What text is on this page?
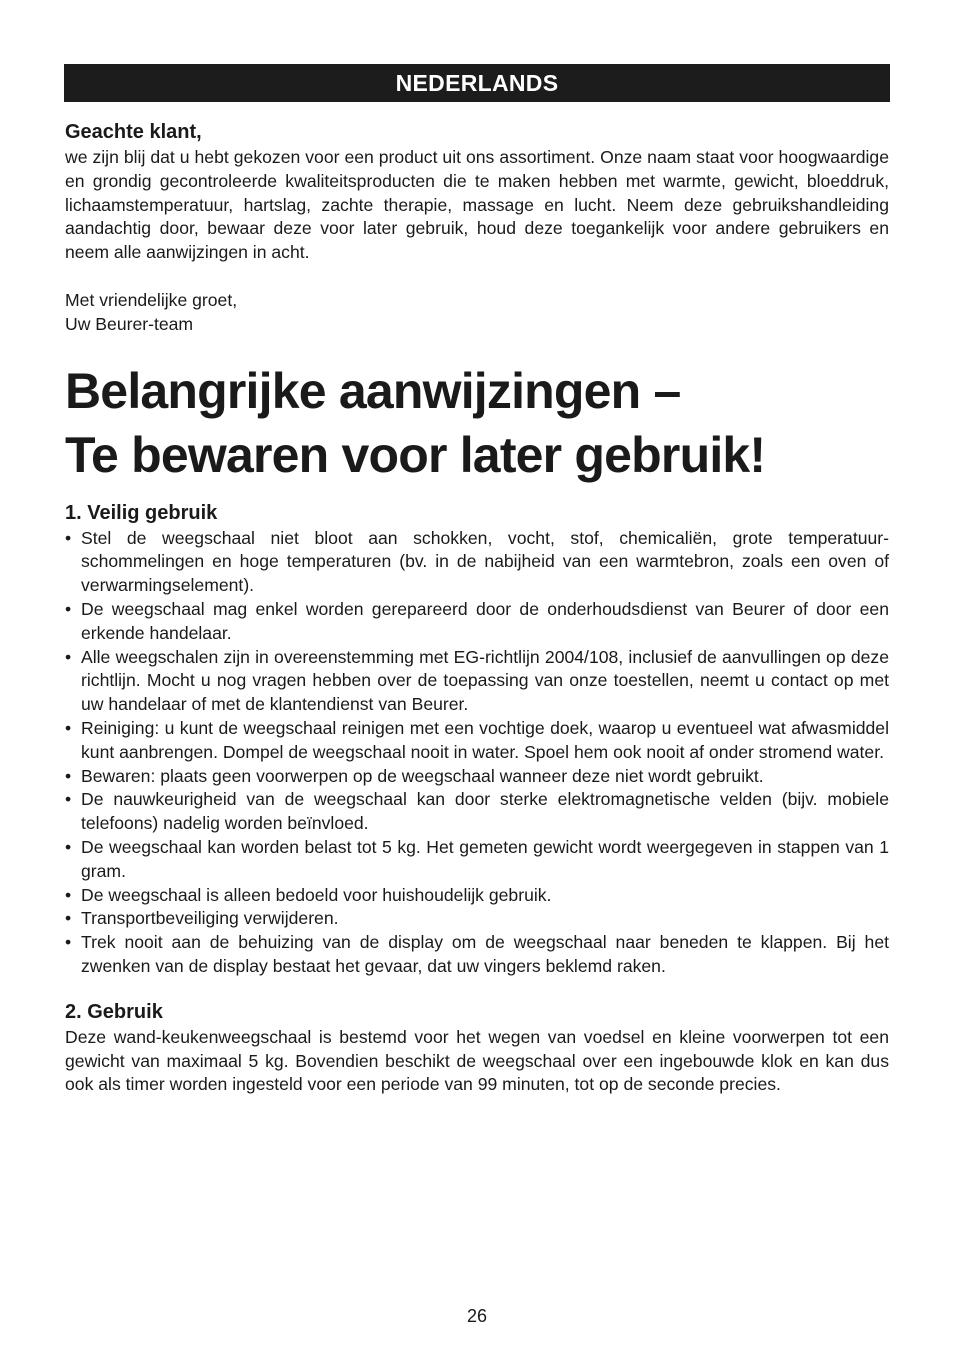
NEDERLANDS
Geachte klant,

we zijn blij dat u hebt gekozen voor een product uit ons assortiment. Onze naam staat voor hoogwaardige en grondig gecontroleerde kwaliteitsproducten die te maken hebben met warmte, gewicht, bloeddruk, lichaamstemperatuur, hartslag, zachte therapie, massage en lucht. Neem deze gebruikshandleiding aandachtig door, bewaar deze voor later gebruik, houd deze toegankelijk voor andere gebruikers en neem alle aanwijzingen in acht.

Met vriendelijke groet,

Uw Beurer-team

Belangrijke aanwijzingen –
Te bewaren voor later gebruik!
1. Veilig gebruik
• Stel de weegschaal niet bloot aan schokken, vocht, stof, chemicaliën, grote temperatuur-schommelingen en hoge temperaturen (bv. in de nabijheid van een warmtebron, zoals een oven of verwarmingselement).
• De weegschaal mag enkel worden gerepareerd door de onderhoudsdienst van Beurer of door een erkende handelaar.
• Alle weegschalen zijn in overeenstemming met EG-richtlijn 2004/108, inclusief de aanvullingen op deze richtlijn. Mocht u nog vragen hebben over de toepassing van onze toestellen, neemt u contact op met uw handelaar of met de klantendienst van Beurer.
• Reiniging: u kunt de weegschaal reinigen met een vochtige doek, waarop u eventueel wat afwasmiddel kunt aanbrengen. Dompel de weegschaal nooit in water. Spoel hem ook nooit af onder stromend water.
• Bewaren: plaats geen voorwerpen op de weegschaal wanneer deze niet wordt gebruikt.
• De nauwkeurigheid van de weegschaal kan door sterke elektromagnetische velden (bijv. mobiele telefoons) nadelig worden beïnvloed.
• De weegschaal kan worden belast tot 5 kg. Het gemeten gewicht wordt weergegeven in stappen van 1 gram.
• De weegschaal is alleen bedoeld voor huishoudelijk gebruik.
• Transportbeveiliging verwijderen.
• Trek nooit aan de behuizing van de display om de weegschaal naar beneden te klappen. Bij het zwenken van de display bestaat het gevaar, dat uw vingers beklemd raken.
2. Gebruik

Deze wand-keukenweegschaal is bestemd voor het wegen van voedsel en kleine voorwerpen tot een gewicht van maximaal 5 kg. Bovendien beschikt de weegschaal over een ingebouwde klok en kan dus ook als timer worden ingesteld voor een periode van 99 minuten, tot op de seconde precies.

26
